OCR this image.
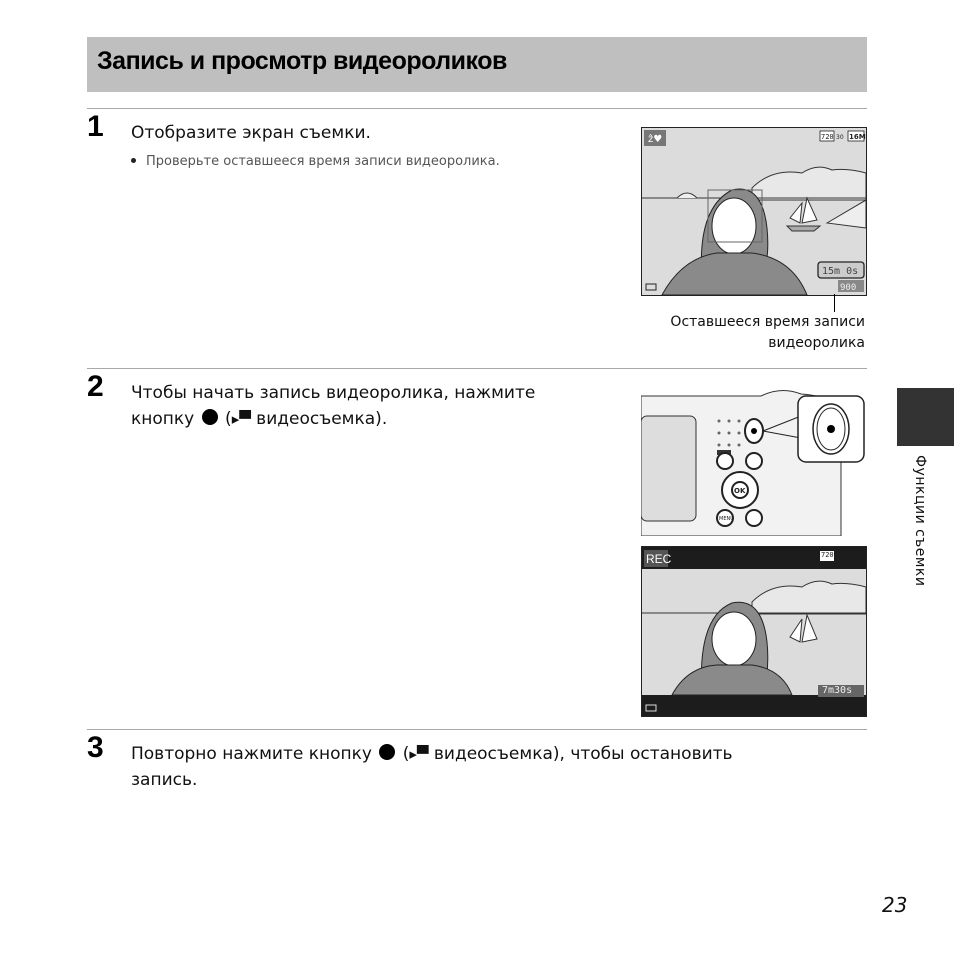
Запись и просмотр видеороликов
1 Отобразите экран съемки.
Проверьте оставшееся время записи видеоролика.
ẑ♥	720 30 16M
15m 0s
900
Оставшееся время записи
видеоролика
2 Чтобы начать запись видеоролика, нажмите
кнопку  (▸▀ видеосъемка).
OK
MENU
REC	720
7m30s
3 Повторно нажмите кнопку  (▸▀ видеосъемка), чтобы остановить
запись.
Функции съемки
23
